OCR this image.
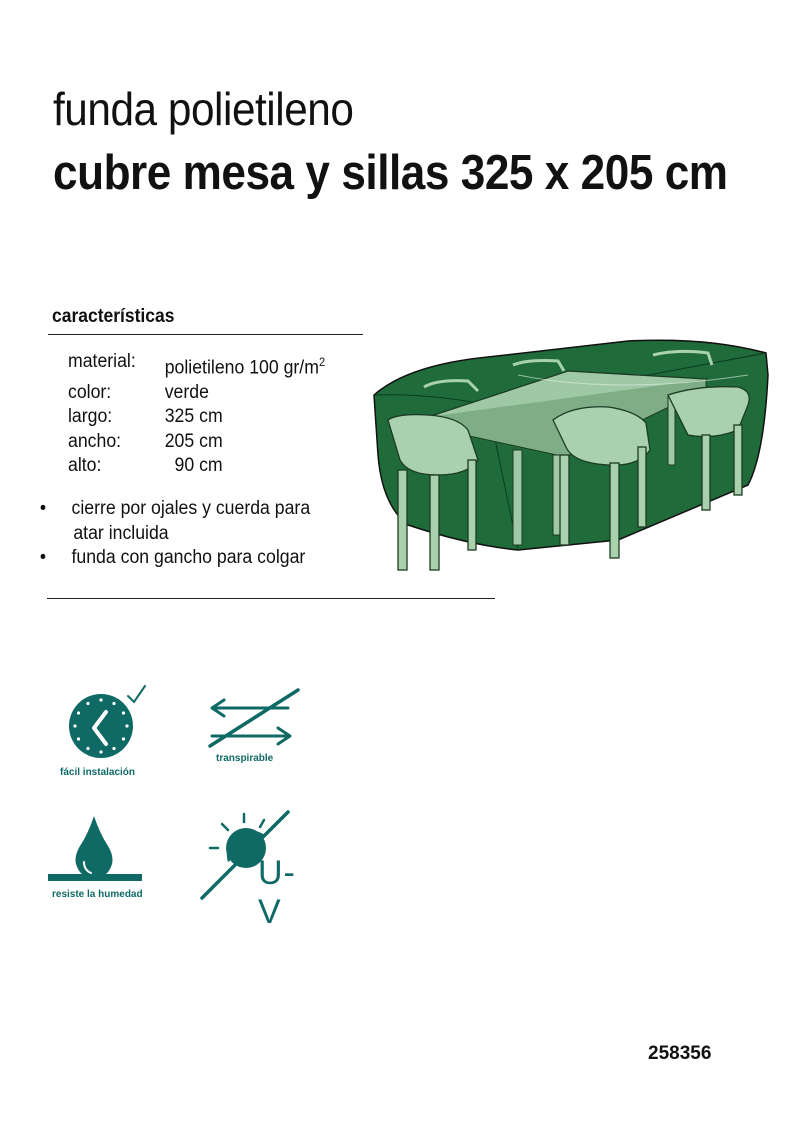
funda polietileno
cubre mesa y sillas 325 x 205 cm
características
material:	polietileno 100 $gr/m^2$
color:	verde
largo:	325 cm
ancho:	205 cm
alto:	90 cm
•	cierre por ojales y cuerda para
atar incluida
•	funda con gancho para colgar
fácil instalación
transpirable
resiste la humedad
U-V
258356
